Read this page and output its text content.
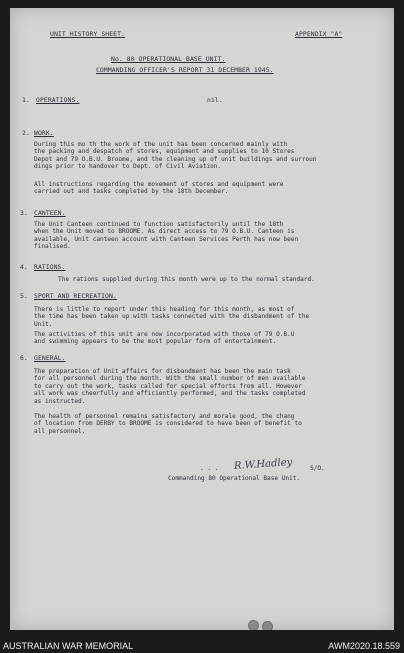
UNIT HISTORY SHEET.	APPENDIX "A"
No. 80 OPERATIONAL BASE UNIT.
COMMANDING OFFICER'S REPORT 31 DECEMBER 1945.
1. OPERATIONS.	nil.
2. WORK.
During this mo th the work of the unit has been concerned mainly with
the packing and despatch of stores, equipment and supplies to 10 Stores
Depot and 79 O.B.U. Broome, and the cleaning up of unit buildings and surroun
dings prior to handover to Dept. of Civil Aviation.
All instructions regarding the movement of stores and equipment were
carried out and tasks completed by the 18th December.
3. CANTEEN.
The Unit Canteen continued to function satisfactorily until the 18th
when the Unit moved to BROOME. As direct access to 79 O.B.U. Canteen is
available, Unit canteen account with Canteen Services Perth has now been
finalised.
4. RATIONS.
The rations supplied during this month were up to the normal standard.
5. SPORT AND RECREATION.
There is little to report under this heading for this month, as most of
the time has been taken up with tasks connected with the disbandment of the
Unit.
The activities of this unit are now incorporated with those of 79 O.B.U
and swimming appears to be the most popular form of entertainment.
6. GENERAL.
The preparation of Unit affairs for disbandment has been the main task
for all personnel during the month. With the small number of men available
to carry out the work, tasks called for special efforts from all. However
all work was cheerfully and efficiently performed, and the tasks completed
as instructed.
The health of personnel remains satisfactory and morale good, the chang
of location from DERBY to BROOME is considered to have been of benefit to
all personnel.
. . . R.W.Hadley	S/O.
Commanding 80 Operational Base Unit.
AUSTRALIAN WAR MEMORIAL	AWM2020.18.559
